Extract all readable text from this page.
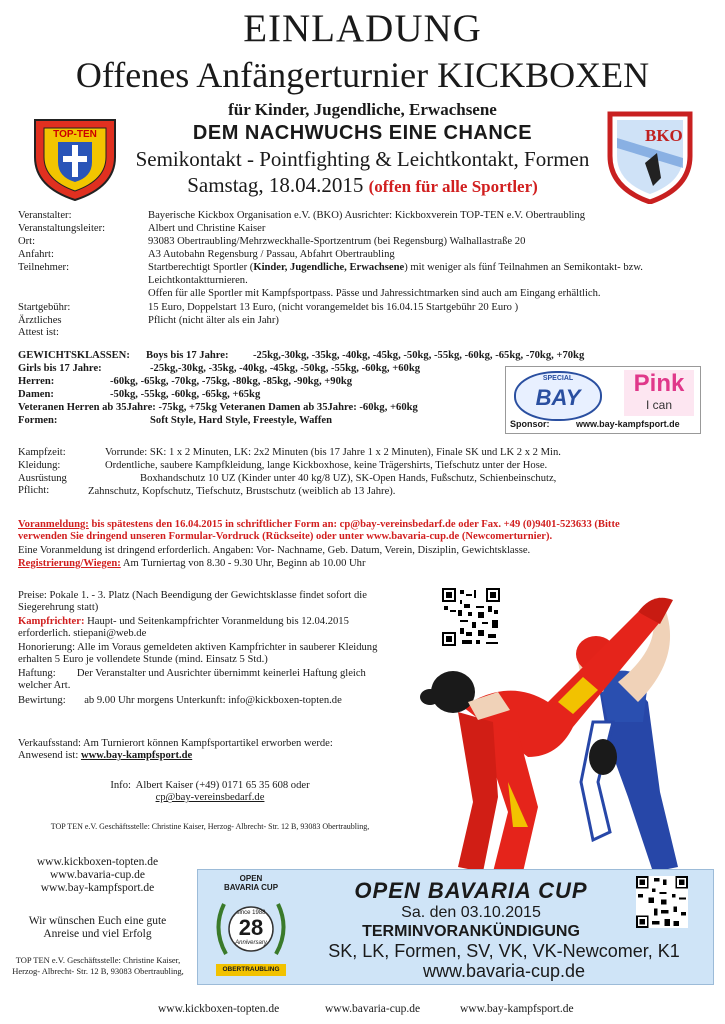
EINLADUNG
Offenes Anfängerturnier KICKBOXEN
für Kinder, Jugendliche, Erwachsene
DEM NACHWUCHS EINE CHANCE
Semikontakt - Pointfighting & Leichtkontakt, Formen
Samstag, 18.04.2015 (offen für alle Sportler)
TOP-TEN	BKO
Veranstalter:	Bayerische Kickbox Organisation e.V. (BKO) Ausrichter: Kickboxverein TOP-TEN e.V. Obertraubling
Veranstaltungsleiter:	Albert und Christine Kaiser
Ort:	93083 Obertraubling/Mehrzweckhalle-Sportzentrum (bei Regensburg) Walhallastraße 20
Anfahrt:	A3 Autobahn Regensburg / Passau, Abfahrt Obertraubling
Teilnehmer:	Startberechtigt Sportler (Kinder, Jugendliche, Erwachsene) mit weniger als fünf Teilnahmen an Semikontakt- bzw.
Leichtkontaktturnieren.
Offen für alle Sportler mit Kampfsportpass. Pässe und Jahressichtmarken sind auch am Eingang erhältlich.
Startgebühr:	15 Euro, Doppelstart 13 Euro, (nicht vorangemeldet bis 16.04.15 Startgebühr 20 Euro )
Ärztliches Attest ist:
Pflicht (nicht älter als ein Jahr)
GEWICHTSKLASSEN: Boys bis 17 Jahre: -25kg,-30kg, -35kg, -40kg, -45kg, -50kg, -55kg, -60kg, -65kg, -70kg, +70kg
Girls bis 17 Jahre:	-25kg,-30kg, -35kg, -40kg, -45kg, -50kg, -55kg, -60kg, +60kg
Herren:	-60kg, -65kg, -70kg, -75kg, -80kg, -85kg, -90kg, +90kg
Damen:	-50kg, -55kg, -60kg, -65kg, +65kg
Veteranen Herren ab 35Jahre: -75kg, +75kg Veteranen Damen ab 35Jahre: -60kg, +60kg
Formen:	Soft Style, Hard Style, Freestyle, Waffen
SPECIAL
BAY
Pink
I can
Sponsor:	www.bay-kampfsport.de
Kampfzeit:	Vorrunde: SK: 1 x 2 Minuten, LK: 2x2 Minuten (bis 17 Jahre 1 x 2 Minuten), Finale SK und LK 2 x 2 Min.
Kleidung:	Ordentliche, saubere Kampfkleidung, lange Kickboxhose, keine Trägershirts, Tiefschutz unter der Hose.
Ausrüstung Pflicht:
Boxhandschutz 10 UZ (Kinder unter 40 kg/8 UZ), SK-Open Hands, Fußschutz, Schienbeinschutz,
Zahnschutz, Kopfschutz, Tiefschutz, Brustschutz (weiblich ab 13 Jahre).
Voranmeldung: bis spätestens den 16.04.2015 in schriftlicher Form an: cp@bay-vereinsbedarf.de oder Fax. +49 (0)9401-523633 (Bitte
verwenden Sie dringend unseren Formular-Vordruck (Rückseite) oder unter www.bavaria-cup.de (Newcomerturnier).
Eine Voranmeldung ist dringend erforderlich. Angaben: Vor- Nachname, Geb. Datum, Verein, Disziplin, Gewichtsklasse.
Registrierung/Wiegen: Am Turniertag von 8.30 - 9.30 Uhr, Beginn ab 10.00 Uhr
Preise: Pokale 1. - 3. Platz (Nach Beendigung der Gewichtsklasse findet sofort die Siegerehrung statt)
Kampfrichter: Haupt- und Seitenkampfrichter Voranmeldung bis 12.04.2015 erforderlich. stiepani@web.de
Honorierung: Alle im Voraus gemeldeten aktiven Kampfrichter in sauberer Kleidung erhalten 5 Euro je vollendete Stunde (mind. Einsatz 5 Std.)
Haftung: Der Veranstalter und Ausrichter übernimmt keinerlei Haftung gleich welcher Art.
Bewirtung: ab 9.00 Uhr morgens Unterkunft: info@kickboxen-topten.de
Verkaufsstand: Am Turnierort können Kampfsportartikel erworben werde: Anwesend ist: www.bay-kampfsport.de
Info: Albert Kaiser (+49) 0171 65 35 608 oder
cp@bay-vereinsbedarf.de
TOP TEN e.V. Geschäftsstelle: Christine Kaiser, Herzog- Albrecht- Str. 12 B, 93083 Obertraubling,
www.kickboxen-topten.de
www.bavaria-cup.de
www.bay-kampfsport.de
Wir wünschen Euch eine gute
Anreise und viel Erfolg
TOP TEN e.V. Geschäftsstelle: Christine Kaiser, Herzog- Albrecht- Str. 12 B, 93083 Obertraubling,
OPEN
BAVARIA CUP
since 1988
28
Anniversary
OBERTRAUBLING
OPEN BAVARIA CUP
Sa. den 03.10.2015
TERMINVORANKÜNDIGUNG
SK, LK, Formen, SV, VK, VK-Newcomer, K1
www.bavaria-cup.de
www.kickboxen-topten.de	www.bavaria-cup.de	www.bay-kampfsport.de
